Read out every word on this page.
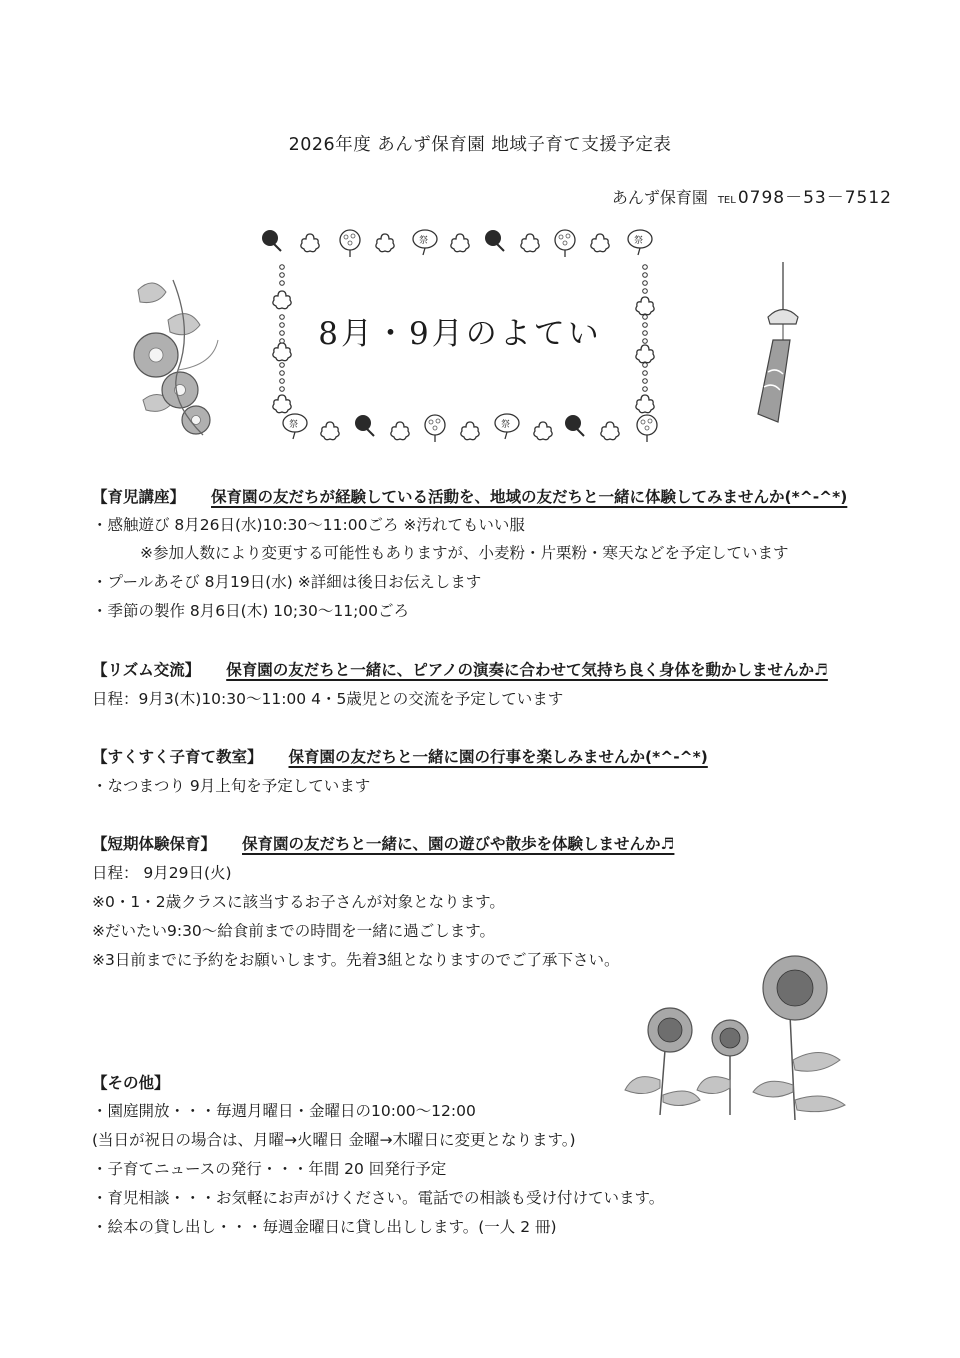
2026年度 あんず保育園 地域子育て支援予定表
あんず保育園 TEL 0798－53－7512
祭	祭
祭	祭
8月・9月のよてい
【育児講座】 保育園の友だちが経験している活動を、地域の友だちと一緒に体験してみませんか(*^-^*)
・感触遊び 8月26日(水)10:30～11:00ごろ ※汚れてもいい服
※参加人数により変更する可能性もありますが、小麦粉・片栗粉・寒天などを予定しています
・プールあそび 8月19日(水) ※詳細は後日お伝えします
・季節の製作 8月6日(木) 10;30～11;00ごろ
【リズム交流】 保育園の友だちと一緒に、ピアノの演奏に合わせて気持ち良く身体を動かしませんか♬
日程：9月3(木)10:30～11:00 4・5歳児との交流を予定しています
【すくすく子育て教室】 保育園の友だちと一緒に園の行事を楽しみませんか(*^-^*)
・なつまつり 9月上旬を予定しています
【短期体験保育】 保育園の友だちと一緒に、園の遊びや散歩を体験しませんか♬
日程： 9月29日(火)
※0・1・2歳クラスに該当するお子さんが対象となります。
※だいたい9:30～給食前までの時間を一緒に過ごします。
※3日前までに予約をお願いします。先着3組となりますのでご了承下さい。
【その他】
・園庭開放・・・毎週月曜日・金曜日の10:00～12:00
(当日が祝日の場合は、月曜→火曜日 金曜→木曜日に変更となります。)
・子育てニュースの発行・・・年間 20 回発行予定
・育児相談・・・お気軽にお声がけください。電話での相談も受け付けています。
・絵本の貸し出し・・・毎週金曜日に貸し出しします。(一人 2 冊)
